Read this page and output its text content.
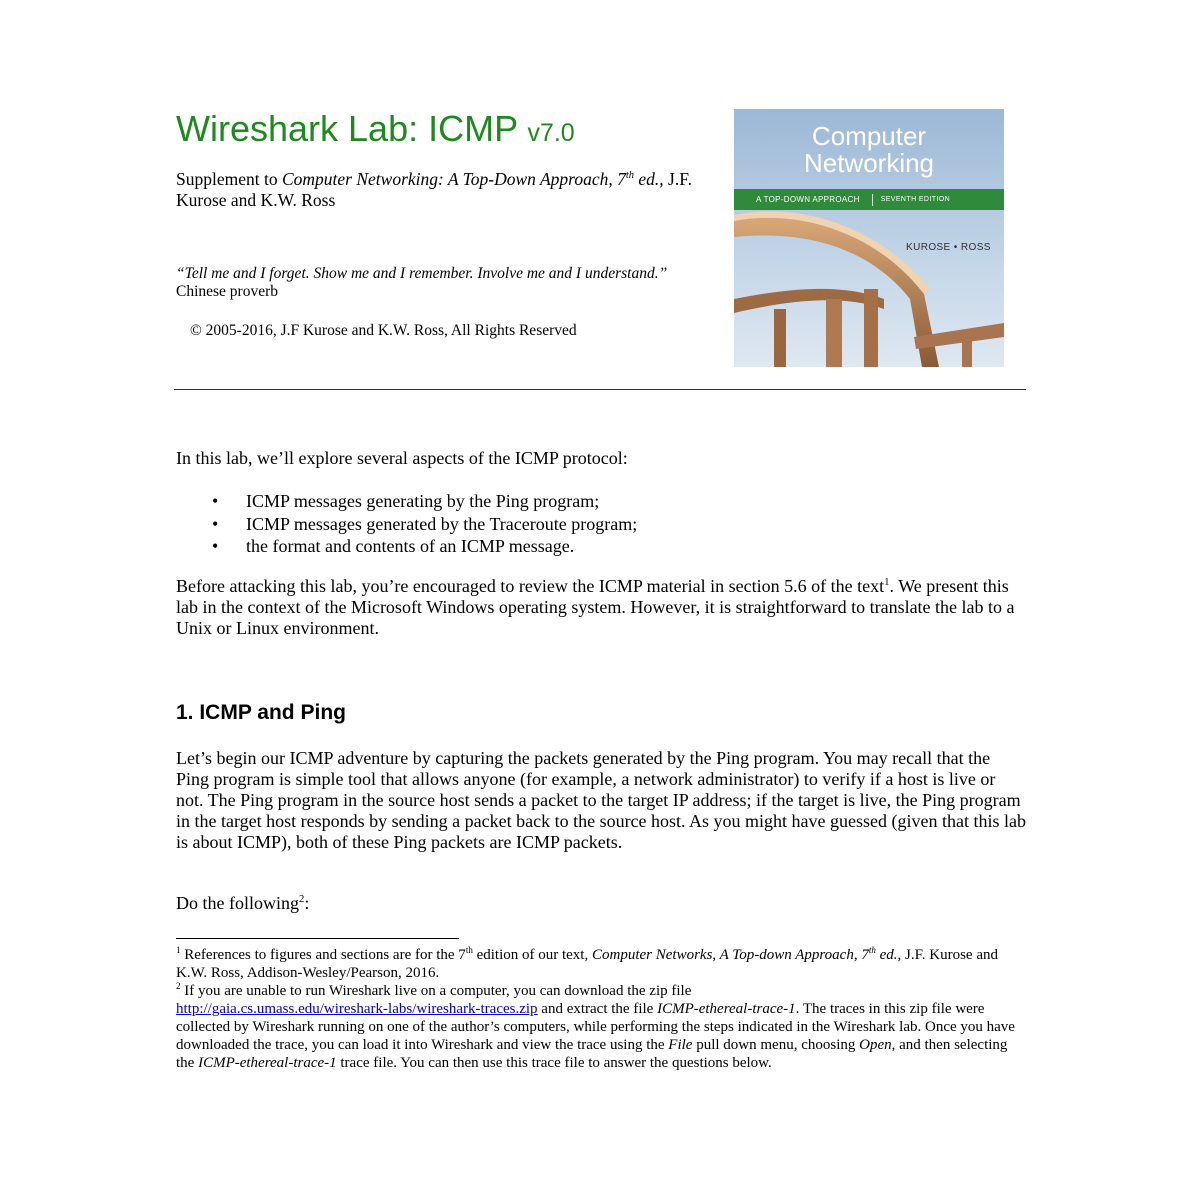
Wireshark Lab: ICMP v7.0
Supplement to Computer Networking: A Top-Down Approach, 7th ed., J.F. Kurose and K.W. Ross
“Tell me and I forget. Show me and I remember. Involve me and I understand.” Chinese proverb
© 2005-2016, J.F Kurose and K.W. Ross, All Rights Reserved
Computer
Networking
A TOP-DOWN APPROACH	SEVENTH EDITION
KUROSE • ROSS
In this lab, we’ll explore several aspects of the ICMP protocol:
• ICMP messages generating by the Ping program;
• ICMP messages generated by the Traceroute program;
• the format and contents of an ICMP message.
Before attacking this lab, you’re encouraged to review the ICMP material in section 5.6 of the text$^1$. We present this lab in the context of the Microsoft Windows operating system. However, it is straightforward to translate the lab to a Unix or Linux environment.
1. ICMP and Ping
Let’s begin our ICMP adventure by capturing the packets generated by the Ping program. You may recall that the Ping program is simple tool that allows anyone (for example, a network administrator) to verify if a host is live or not. The Ping program in the source host sends a packet to the target IP address; if the target is live, the Ping program in the target host responds by sending a packet back to the source host. As you might have guessed (given that this lab is about ICMP), both of these Ping packets are ICMP packets.
Do the following$^2$:

$^1$ References to figures and sections are for the 7th edition of our text, Computer Networks, A Top-down Approach, 7th ed., J.F. Kurose and K.W. Ross, Addison-Wesley/Pearson, 2016.

$^2$ If you are unable to run Wireshark live on a computer, you can download the zip file
http://gaia.cs.umass.edu/wireshark-labs/wireshark-traces.zip and extract the file ICMP-ethereal-trace-1. The traces in this zip file were collected by Wireshark running on one of the author’s computers, while performing the steps indicated in the Wireshark lab. Once you have downloaded the trace, you can load it into Wireshark and view the trace using the File pull down menu, choosing Open, and then selecting the ICMP-ethereal-trace-1 trace file. You can then use this trace file to answer the questions below.
